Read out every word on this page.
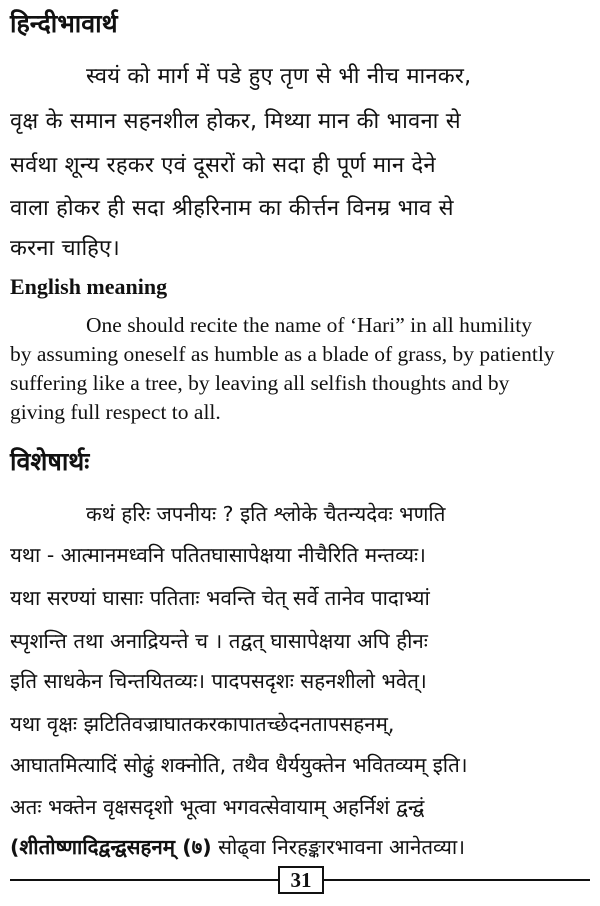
हिन्दीभावार्थ

स्वयं को मार्ग में पडे हुए तृण से भी नीच मानकर,

वृक्ष के समान सहनशील होकर, मिथ्या मान की भावना से

सर्वथा शून्य रहकर एवं दूसरों को सदा ही पूर्ण मान देने

वाला होकर ही सदा श्रीहरिनाम का कीर्त्तन विनम्र भाव से

करना चाहिए।

English meaning

One should recite the name of ‘Hari” in all humility

by assuming oneself as humble as a blade of grass, by patiently

suffering like a tree, by leaving all selfish thoughts and by

giving full respect to all.

विशेषार्थः

कथं हरिः जपनीयः ? इति श्लोके चैतन्यदेवः भणति

यथा - आत्मानमध्वनि पतितघासापेक्षया नीचैरिति मन्तव्यः।

यथा सरण्यां घासाः पतिताः भवन्ति चेत् सर्वे तानेव पादाभ्यां

स्पृशन्ति तथा अनाद्रियन्ते च । तद्वत् घासापेक्षया अपि हीनः

इति साधकेन चिन्तयितव्यः। पादपसदृशः सहनशीलो भवेत्।

यथा वृक्षः झटितिवज्राघातकरकापातच्छेदनतापसहनम्,

आघातमित्यादिं सोढुं शक्नोति, तथैव धैर्ययुक्तेन भवितव्यम् इति।

अतः भक्तेन वृक्षसदृशो भूत्वा भगवत्सेवायाम् अहर्निशं द्वन्द्वं

(शीतोष्णादिद्वन्द्वसहनम् (७) सोढ्वा निरहङ्कारभावना आनेतव्या।

31
